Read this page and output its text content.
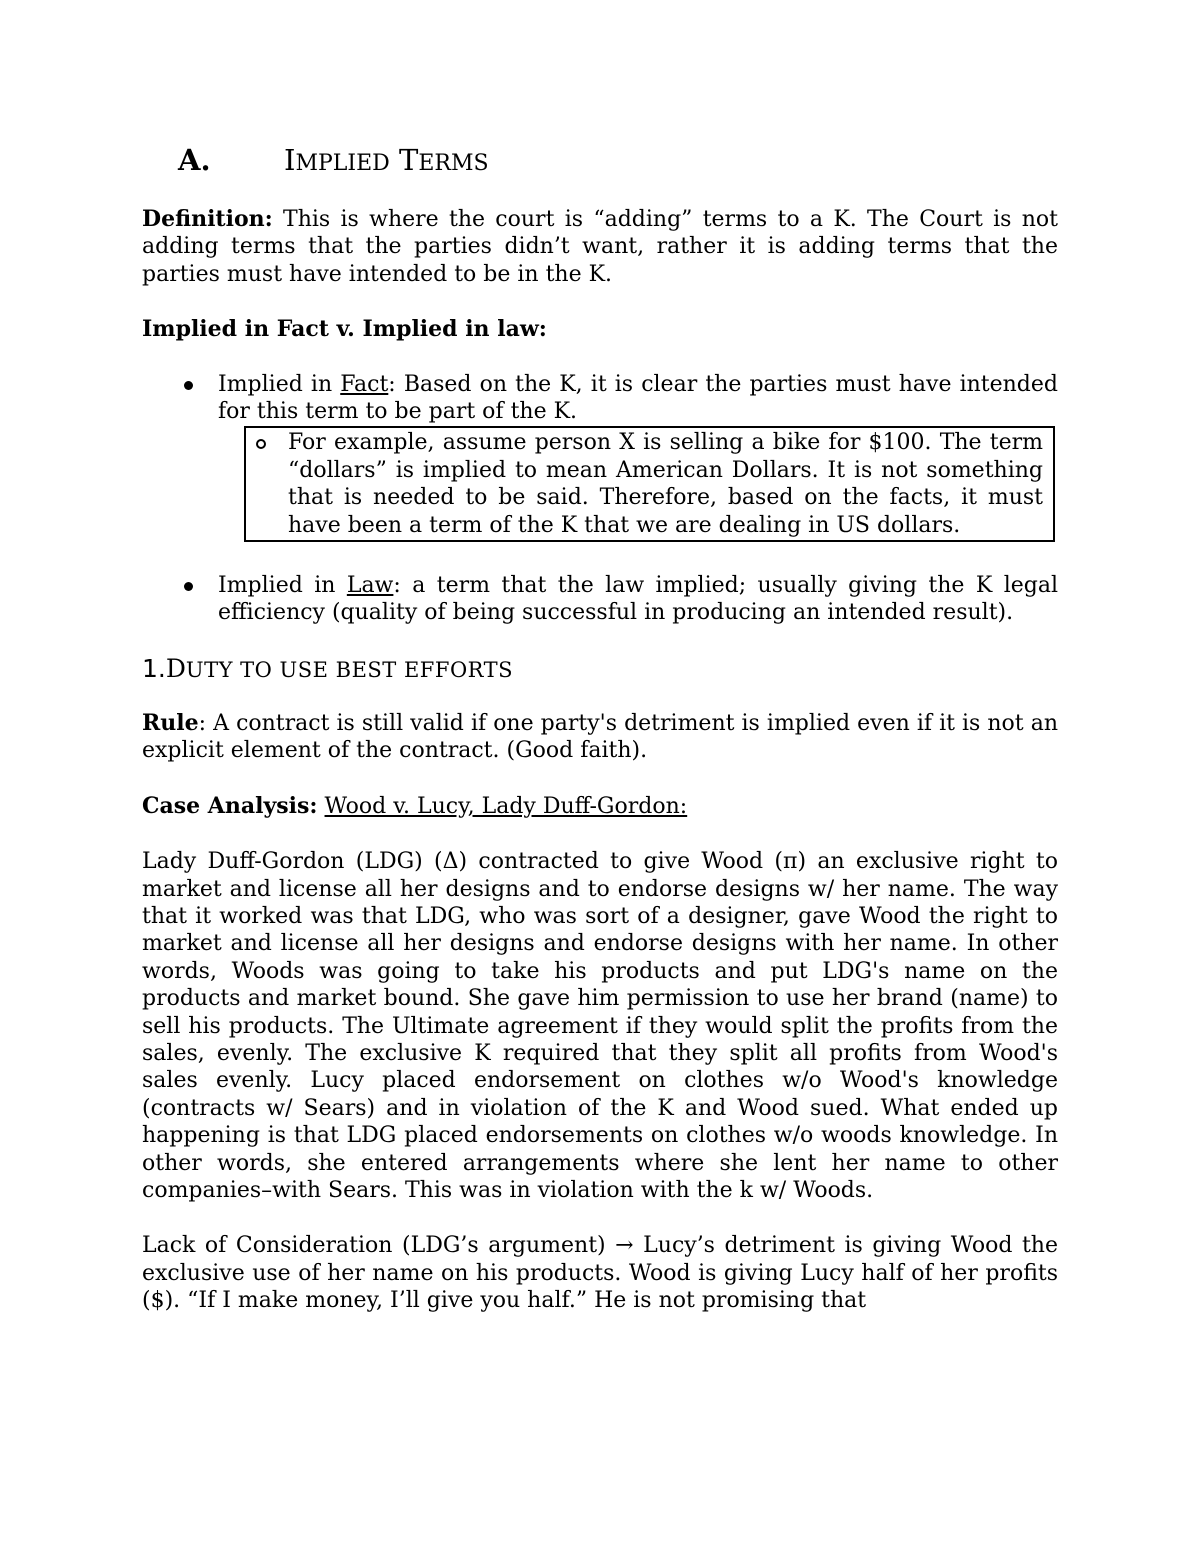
A.	IMPLIED TERMS

Definition: This is where the court is “adding” terms to a K. The Court is not adding terms that the parties didn’t want, rather it is adding terms that the parties must have intended to be in the K.

Implied in Fact v. Implied in law:

Implied in Fact: Based on the K, it is clear the parties must have intended for this term to be part of the K.

For example, assume person X is selling a bike for $100. The term “dollars” is implied to mean American Dollars. It is not something that is needed to be said. Therefore, based on the facts, it must have been a term of the K that we are dealing in US dollars.

Implied in Law: a term that the law implied; usually giving the K legal efficiency (quality of being successful in producing an intended result).

1.DUTY TO USE BEST EFFORTS

Rule: A contract is still valid if one party's detriment is implied even if it is not an explicit element of the contract. (Good faith).

Case Analysis: Wood v. Lucy, Lady Duff-Gordon:

Lady Duff-Gordon (LDG) (Δ) contracted to give Wood (π) an exclusive right to market and license all her designs and to endorse designs w/ her name. The way that it worked was that LDG, who was sort of a designer, gave Wood the right to market and license all her designs and endorse designs with her name. In other words, Woods was going to take his products and put LDG's name on the products and market bound. She gave him permission to use her brand (name) to sell his products. The Ultimate agreement if they would split the profits from the sales, evenly. The exclusive K required that they split all profits from Wood's sales evenly. Lucy placed endorsement on clothes w/o Wood's knowledge (contracts w/ Sears) and in violation of the K and Wood sued. What ended up happening is that LDG placed endorsements on clothes w/o woods knowledge. In other words, she entered arrangements where she lent her name to other companies–with Sears. This was in violation with the k w/ Woods.

Lack of Consideration (LDG’s argument) → Lucy’s detriment is giving Wood the exclusive use of her name on his products. Wood is giving Lucy half of her profits ($). “If I make money, I’ll give you half.” He is not promising that
